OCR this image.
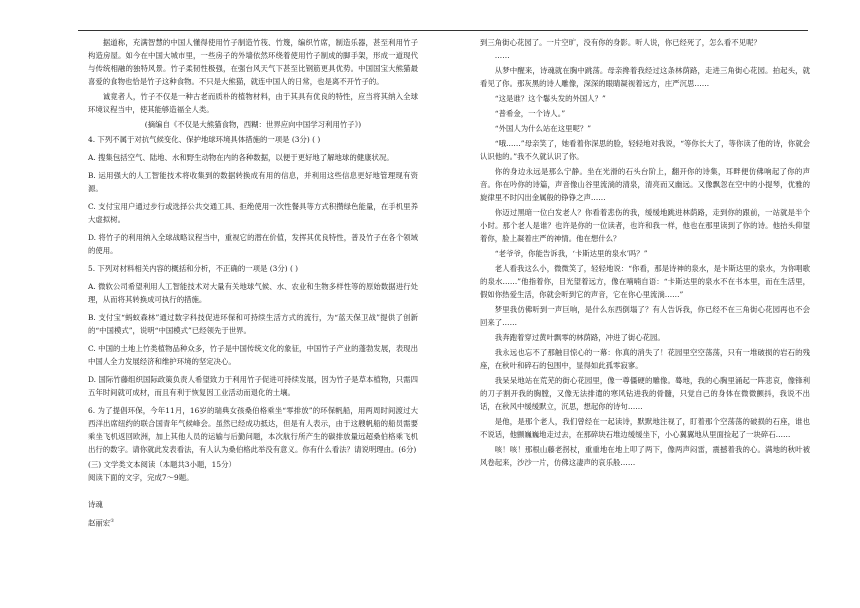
据道称，充满智慧的中国人懂得使用竹子制造竹筏、竹篾，编织竹席，制造乐器，甚至利用竹子构造房屋。如今在中国大城市里，一些房子的外墙依然环绕着使用竹子制成的脚手架，形成一道现代与传统相融的独特风景。竹子柔韧性极强，在强台风天气下甚至比钢筋更具优势。中国国宝大熊猫最喜爱的食物也恰是竹子这种食物。不只是大熊猫，就连中国人的日常，也是离不开竹子的。

诚竟者人，竹子不仅是一种古老而质朴的植物材料，由于其具有优良的特性，应当将其纳入全球环境议程当中，使其能够造福全人类。

(摘编自《不仅是大熊猫食物，西糊：世界应向中国学习利用竹子》)

4. 下列不属于对抗气候变化、保护地球环境具体措施的一项是 (3分) ( )

A. 搜集包括空气、陆地、水和野生动物在内的各种数据，以便于更好地了解地球的健康状况。

B. 运用强大的人工智能技术将收集到的数据转换成有用的信息，并利用这些信息更好地管理现有资源。

C. 支付宝用户通过步行或选择公共交通工具、拒绝使用一次性餐具等方式积攒绿色能量，在手机里养大虚拟树。

D. 将竹子的利用纳入全球战略议程当中，重视它的潜在价值，发挥其优良特性，普及竹子在各个领域的使用。

5. 下列对材料相关内容的概括和分析，不正确的一项是 (3分) ( )

A. 微软公司希望利用人工智能技术对大量有关地球气候、水、农业和生物多样性等的原始数据进行处理，从而将其转换成可执行的措施。

B. 支付宝“蚂蚁森林”通过数字科技促进环保和可持续生活方式的流行，为“蓝天保卫战”提供了创新的“中国模式”，说明“中国模式”已经领先于世界。

C. 中国的土地上竹类植物品种众多，竹子是中国传统文化的象征，中国竹子产业的蓬勃发展，表现出中国人全力发展经济和维护环境的坚定决心。

D. 国际竹藤组织国际政策负责人希望致力于利用竹子促进可持续发展，因为竹子是草本植物，只需四五年时间就可成材，而且有利于恢复因工业活动而退化的土壤。

6. 为了提倡环保，今年11月，16岁的瑞典女孩桑伯格乘坐“零排放”的环保帆船，用两周时间渡过大西洋出席纽约的联合国青年气候峰会。虽然已经成功抵达，但是有人表示，由于这艘帆船的船员需要乘坐飞机返回欧洲，加上其他人员的运输与后勤问题，本次航行所产生的碳排放量远超桑伯格乘飞机出行的数字。请你就此发表看法，有人认为桑伯格此举没有意义。你有什么看法？请说明理由。(6分)

(三) 文学类文本阅读（本题共3小题，15分）

阅读下面的文字，完成7～9题。

诗魂

赵丽宏①

到三角街心花园了。一片空旷，没有你的身影。听人说，你已经死了，怎么看不见呢？

……

从梦中醒来，诗魂就在胸中跳荡。母亲搀着我经过这条林荫路，走进三角街心花园。拍起头，就看见了你。那灰黑的诗人雕像，深深的眼睛凝视着远方，庄严沉思……

“这是谁？这个鬈头发的外国人？”

“普希金，一个诗人。”

“外国人为什么站在这里呢？”

“哦……”母亲笑了，她看着你深思的脸，轻轻地对我说，“等你长大了，等你读了他的诗，你就会认识他的。”我不久就认识了你。

你的身边永远是那么宁静。坐在光滑的石头台阶上，翻开你的诗集，耳畔便仿佛响起了你的声音。你在吟你的诗篇，声音像山谷里流淌的清泉，清亮而又幽远。又像飘忽在空中的小提琴，优雅的旋律里不时闪出金属般的铮铮之声……

你迈过黑暗一位白发老人？你看着悲伤的我，缓缓地跳进林荫路，走到你的跟前，一站就是半个小时。那个老人是谁？也许是你的一位读者，也许和我一样，他也在那里读到了你的诗。他抬头仰望着你，脸上凝着庄严的神情。他在想什么？

“老爷爷，你能告诉我，‘卡斯达里的泉水’吗？”

老人看我这么小，微微笑了，轻轻地说：“你看，那是诗神的泉水，是卡斯达里的泉水，为你唱歌的泉水……”他指着你，目光望着远方，像在喃喃自语：“卡斯达里的泉水不在书本里，而在生活里，假如你热爱生活，你就会听到它的声音，它在你心里流淌……”

梦里我仿佛听到一声巨响，是什么东西倒塌了？有人告诉我，你已经不在三角街心花园再也不会回来了……

我奔跑着穿过黄叶飘零的林荫路，冲进了街心花园。

我永远也忘不了那触目惊心的一幕：你真的消失了！花园里空空荡荡，只有一堆破损的岩石的残座，在秋叶和碎石的包围中，显得如此孤零寂寥。

我呆呆地站在荒芜的街心花园里，像一尊僵硬的雕像。蓦地，我的心胸里涌起一阵悲哀，像锋利的刀子割开我的胸膛，又像无法排遣的寒风钻进我的骨髓，只觉自己的身体在微微颤抖，我说不出话，在秋风中缓缓默立，沉思，想起你的诗句……

是他，是那个老人，我们曾经在一起读诗，默默地注视了，盯着那个空荡荡的破损的石座，谁也不说话，他颤巍巍地走过去，在那碎块石堆边缓缓坐下，小心翼翼地从里面捡起了一块碎石……

咳！咳！那根山藤老拐杖，重重地在地上叩了两下，像两声闷雷，震撼着我的心。满地的秋叶被风卷起来，沙沙一片，仿佛这凄声的哀乐般……
